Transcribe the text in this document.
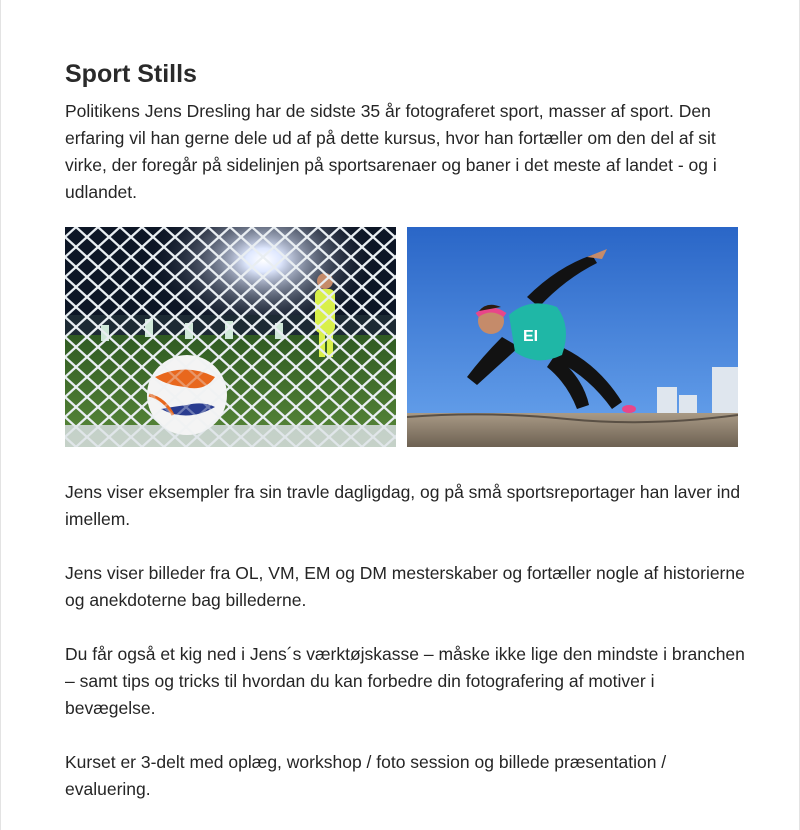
Sport Stills

Politikens Jens Dresling har de sidste 35 år fotograferet sport, masser af sport. Den erfaring vil han gerne dele ud af på dette kursus, hvor han fortæller om den del af sit virke, der foregår på sidelinjen på sportsarenaer og baner i det meste af landet - og i udlandet.

EI

Jens viser eksempler fra sin travle dagligdag, og på små sportsreportager han laver ind imellem.

Jens viser billeder fra OL, VM, EM og DM mesterskaber og fortæller nogle af historierne og anekdoterne bag billederne.

Du får også et kig ned i Jens´s værktøjskasse – måske ikke lige den mindste i branchen – samt tips og tricks til hvordan du kan forbedre din fotografering af motiver i bevægelse.

Kurset er 3-delt med oplæg, workshop / foto session og billede præsentation / evaluering.
